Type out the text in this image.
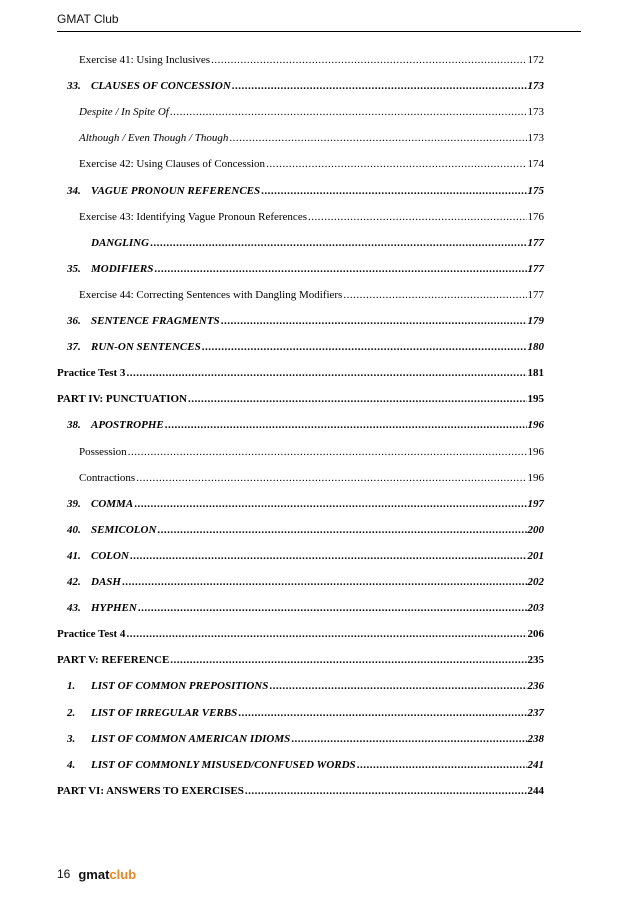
GMAT Club
Exercise 41: Using Inclusives .....	172
33. CLAUSES OF CONCESSION .....	173
Despite / In Spite Of .....	173
Although / Even Though / Though .....	173
Exercise 42: Using Clauses of Concession .....	174
34. VAGUE PRONOUN REFERENCES .....	175
Exercise 43: Identifying Vague Pronoun References .....	176
DANGLING .....	177
35. MODIFIERS .....	177
Exercise 44: Correcting Sentences with Dangling Modifiers .....	177
36. SENTENCE FRAGMENTS .....	179
37. RUN-ON SENTENCES .....	180
Practice Test 3 .....	181
PART IV: PUNCTUATION .....	195
38. APOSTROPHE .....	196
Possession .....	196
Contractions .....	196
39. COMMA .....	197
40. SEMICOLON .....	200
41. COLON .....	201
42. DASH .....	202
43. HYPHEN .....	203
Practice Test 4 .....	206
PART V: REFERENCE .....	235
1.	LIST OF COMMON PREPOSITIONS .....	236
2.	LIST OF IRREGULAR VERBS .....	237
3.	LIST OF COMMON AMERICAN IDIOMS .....	238
4.	LIST OF COMMONLY MISUSED/CONFUSED WORDS .....	241
PART VI: ANSWERS TO EXERCISES .....	244
16 gmat club
